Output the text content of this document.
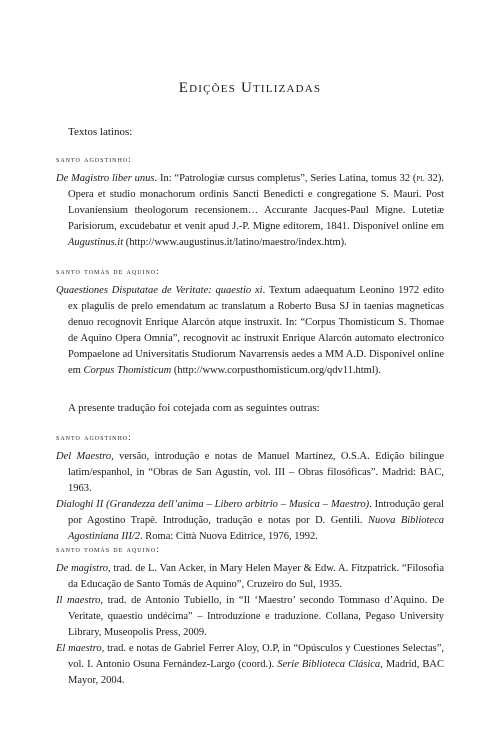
Edições Utilizadas
Textos latinos:
santo agostinho:
De Magistro liber unus. In: “Patrologiæ cursus completus”, Series Latina, tomus 32 (pl 32). Opera et studio monachorum ordinis Sancti Benedicti e congregatione S. Mauri. Post Lovaniensium theologorum recensionem… Accurante Jacques-Paul Migne. Lutetiæ Parisiorum, excudebatur et venit apud J.-P. Migne editorem, 1841. Disponível online em Augustinus.it (http://www.augustinus.it/latino/maestro/index.htm).
santo tomás de aquino:
Quaestiones Disputatae de Veritate: quaestio xi. Textum adaequatum Leonino 1972 edito ex plagulis de prelo emendatum ac translatum a Roberto Busa SJ in taenias magneticas denuo recognovit Enrique Alarcón atque instruxit. In: “Corpus Thomisticum S. Thomae de Aquino Opera Omnia”, recognovit ac instruxit Enrique Alarcón automato electronico Pompaelone ad Universitatis Studiorum Navarrensis aedes a MM A.D. Disponível online em Corpus Thomisticum (http://www.corpusthomisticum.org/qdv11.html).
A presente tradução foi cotejada com as seguintes outras:
santo agostinho:
Del Maestro, versão, introdução e notas de Manuel Martínez, O.S.A. Edição bilíngue latim/espanhol, in “Obras de San Agustín, vol. III – Obras filosóficas”. Madrid: BAC, 1963.
Dialoghi II (Grandezza dell’anima – Libero arbitrio – Musica – Maestro). Introdução geral por Agostino Trapè. Introdução, tradução e notas por D. Gentili. Nuova Biblioteca Agostiniana III/2. Roma: Città Nuova Editrice, 1976, 1992.
santo tomás de aquino:
De magistro, trad. de L. Van Acker, in Mary Helen Mayer & Edw. A. Fitzpatrick. “Filosofia da Educação de Santo Tomás de Aquino”, Cruzeiro do Sul, 1935.
Il maestro, trad. de Antonio Tubiello, in “Il ‘Maestro’ secondo Tommaso d’Aquino. De Veritate, quaestio undécima” – Introduzione e traduzione. Collana, Pegaso University Library, Museopolis Press, 2009.
El maestro, trad. e notas de Gabriel Ferrer Aloy, O.P, in “Opúsculos y Cuestiones Selectas”, vol. I. Antonio Osuna Fernández-Largo (coord.). Serie Biblioteca Clásica, Madrid, BAC Mayor, 2004.
